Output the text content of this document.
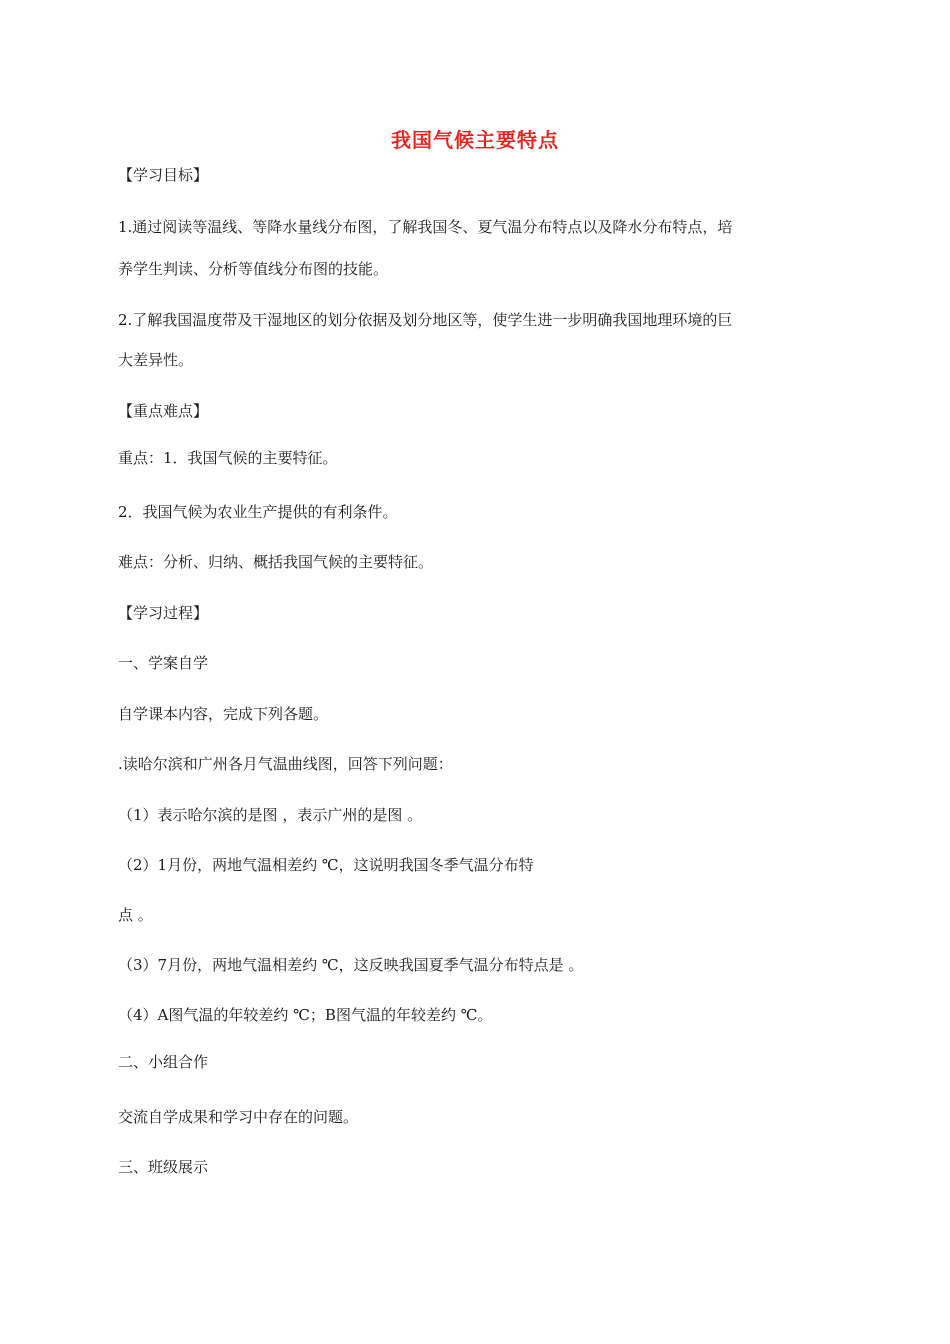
我国气候主要特点
【学习目标】
1.通过阅读等温线、等降水量线分布图，了解我国冬、夏气温分布特点以及降水分布特点，培
养学生判读、分析等值线分布图的技能。
2.了解我国温度带及干湿地区的划分依据及划分地区等，使学生进一步明确我国地理环境的巨
大差异性。
【重点难点】
重点：1．我国气候的主要特征。
2．我国气候为农业生产提供的有利条件。
难点：分析、归纳、概括我国气候的主要特征。
【学习过程】
一、学案自学
自学课本内容，完成下列各题。
.读哈尔滨和广州各月气温曲线图，回答下列问题：
（1）表示哈尔滨的是图 ，表示广州的是图 。
（2）1月份，两地气温相差约 ℃，这说明我国冬季气温分布特
点 。
（3）7月份，两地气温相差约 ℃，这反映我国夏季气温分布特点是 。
（4）A图气温的年较差约 ℃；B图气温的年较差约 ℃。
二、小组合作
交流自学成果和学习中存在的问题。
三、班级展示
